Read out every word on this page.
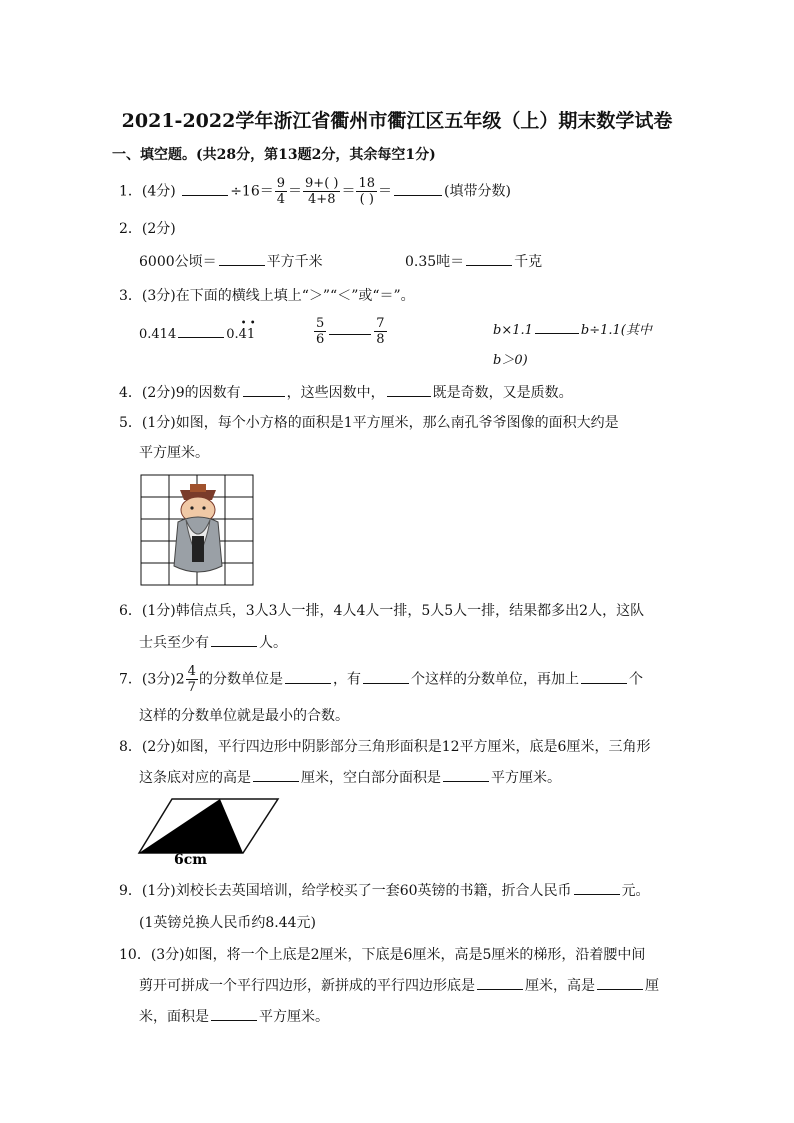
2021-2022学年浙江省衢州市衢江区五年级（上）期末数学试卷
一、填空题。(共28分，第13题2分，其余每空1分)
1．(4分)	$\div 16= \frac{9}{4} = \frac{9+( )}{4+8} = \frac{18}{( )}$ ＝	(填带分数)
2．(2分)
6000公顷＝	平方千米	0.35吨＝	千克
3．(3分)在下面的横线上填上“＞”“＜”或“＝”。
0.414	0.
• •
41	$\frac{5}{6}$	$\frac{7}{8}$	b×1.1	b÷1.1(其中
b＞0)
4．(2分)9的因数有	，这些因数中，	既是奇数，又是质数。
5．(1分)如图，每个小方格的面积是1平方厘米，那么南孔爷爷图像的面积大约是
平方厘米。
6．(1分)韩信点兵，3人3人一排，4人4人一排，5人5人一排，结果都多出2人，这队
士兵至少有	人。
7．(3分)$2 \frac{4}{7}$ 的分数单位是	，有	个这样的分数单位，再加上	个
这样的分数单位就是最小的合数。
8．(2分)如图，平行四边形中阴影部分三角形面积是12平方厘米，底是6厘米，三角形
这条底对应的高是	厘米，空白部分面积是	平方厘米。
6cm
9．(1分)刘校长去英国培训，给学校买了一套60英镑的书籍，折合人民币	元。
(1英镑兑换人民币约8.44元)
10．(3分)如图，将一个上底是2厘米，下底是6厘米，高是5厘米的梯形，沿着腰中间
剪开可拼成一个平行四边形，新拼成的平行四边形底是	厘米，高是	厘
米，面积是	平方厘米。
